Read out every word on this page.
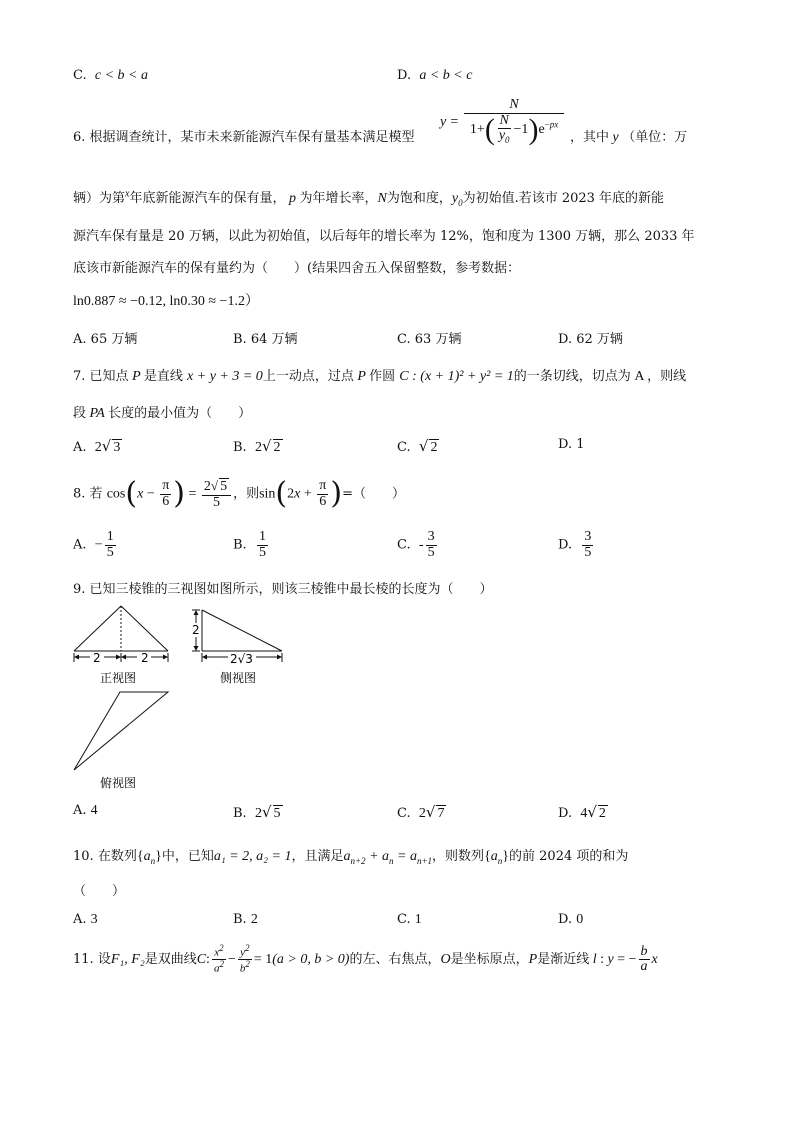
C. c < b < a	D. a < b < c
6. 根据调查统计，某市未来新能源汽车保有量基本满足模型
$y = \frac{N}{1+( \frac{N}{y_0} -1)e^{-px}}$ ，其中 y （单位：万
辆）为第$^x$年底新能源汽车的保有量， p 为年增长率，N为饱和度，$y_0$为初始值.若该市 2023 年底的新能
源汽车保有量是 20 万辆，以此为初始值，以后每年的增长率为 12%，饱和度为 1300 万辆，那么 2033 年
底该市新能源汽车的保有量约为（　　）(结果四舍五入保留整数，参考数据：
ln0.887 ≈ −0.12, ln0.30 ≈ −1.2）
A. 65 万辆	B. 64 万辆	C. 63 万辆	D. 62 万辆
7. 已知点 P 是直线 x + y + 3 = 0上一动点，过点 P 作圆 C : (x + 1)² + y² = 1的一条切线，切点为 A ，则线
段 PA 长度的最小值为（　　）
A. 2√ 3	B. 2√ 2	C. √ 2	D. 1
8. 若 $\cos(x - \frac{\pi}{6}$ ) = $\frac{2√ 5}{5}$ ，则$\sin(2x + \frac{\pi}{6}$ )=（　　）
A. − $\frac{1}{5}$	B. $\frac{1}{5}$	C. - $\frac{3}{5}$	D. $\frac{3}{5}$
9. 已知三棱锥的三视图如图所示，则该三棱锥中最长棱的长度为（　　）
2	2
正视图
2
2√3
侧视图
俯视图
A. 4	B. 2√ 5	C. 2√ 7	D. 4√ 2
10. 在数列$\{a_n\}$中，已知a₁ = 2, a₂ = 1，且满足$a_{n+2} + a_n = a_{n+1}$，则数列$\{a_n\}$的前 2024 项的和为
（　　）
A. 3	B. 2	C. 1	D. 0
11. 设F₁, F₂是双曲线C: $\frac{x^2}{a^2} - \frac{y^2}{b^2} = 1(a > 0$, b > 0)的左、右焦点，O是坐标原点，P是渐近线 l : y = − $\frac{b}{a}$ x
